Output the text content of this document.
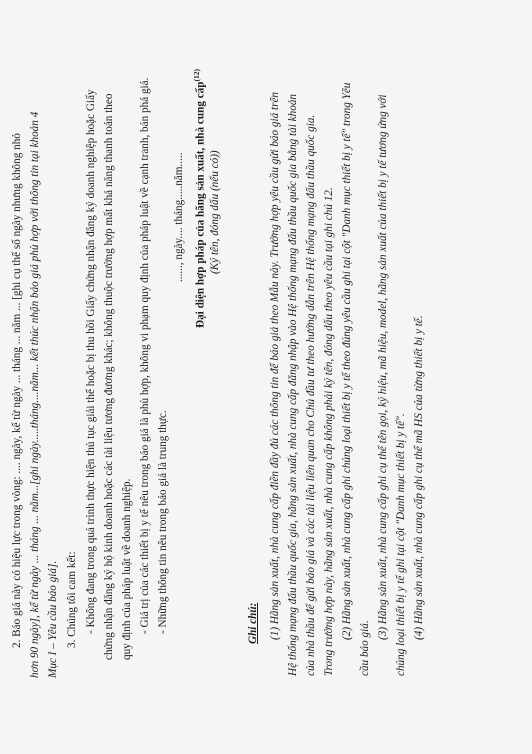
2. Báo giá này có hiệu lực trong vòng: .... ngày, kể từ ngày ... tháng ... năm ... [ghi cụ thể số ngày nhưng không nhỏ hơn 90 ngày], kể từ ngày ... tháng ... năm...[ghi ngày.....tháng....năm... kết thúc nhận báo giá phù hợp với thông tin tại khoản 4 Mục I – Yêu cầu báo giá]. 3. Chúng tôi cam kết: - Không đang trong quá trình thực hiện thủ tục giải thể hoặc bị thu hồi Giấy chứng nhận đăng ký doanh nghiệp hoặc Giấy chứng nhận đăng ký hộ kinh doanh hoặc các tài liệu tương đương khác; không thuộc trường hợp mất khả năng thanh toán theo quy định của pháp luật về doanh nghiệp. - Giá trị của các thiết bị y tế nêu trong báo giá là phù hợp, không vi phạm quy định của pháp luật về cạnh tranh, bán phá giá. - Những thông tin nêu trong báo giá là trung thực.
......, ngày.... tháng.....năm..... Đại diện hợp pháp của hãng sản xuất, nhà cung cấp$^{(12)}$
(Ký tên, đóng dấu (nếu có))
Ghi chú: (1) Hãng sản xuất, nhà cung cấp điền đầy đủ các thông tin để báo giá theo Mẫu này. Trường hợp yêu cầu gửi báo giá trên Hệ thống mạng đấu thầu quốc gia, hãng sản xuất, nhà cung cấp đăng nhập vào Hệ thống mạng đấu thầu quốc gia bằng tài khoản của nhà thầu để gửi báo giá và các tài liệu liên quan cho Chủ đầu tư theo hướng dẫn trên Hệ thống mạng đấu thầu quốc gia. Trong trường hợp này, hãng sản xuất, nhà cung cấp không phải ký tên, đóng dấu theo yêu cầu tại ghi chú 12. (2) Hãng sản xuất, nhà cung cấp ghi chủng loại thiết bị y tế theo đúng yêu cầu ghi tại cột "Danh mục thiết bị y tế" trong Yêu
cầu báo giá.
(3) Hãng sản xuất, nhà cung cấp ghi cụ thể tên gọi, ký hiệu, mã hiệu, model, hãng sản xuất của thiết bị y tế tương ứng với chủng loại thiết bị y tế ghi tại cột "Danh mục thiết bị y tế". (4) Hãng sản xuất, nhà cung cấp ghi cụ thể mã HS của từng thiết bị y tế.
